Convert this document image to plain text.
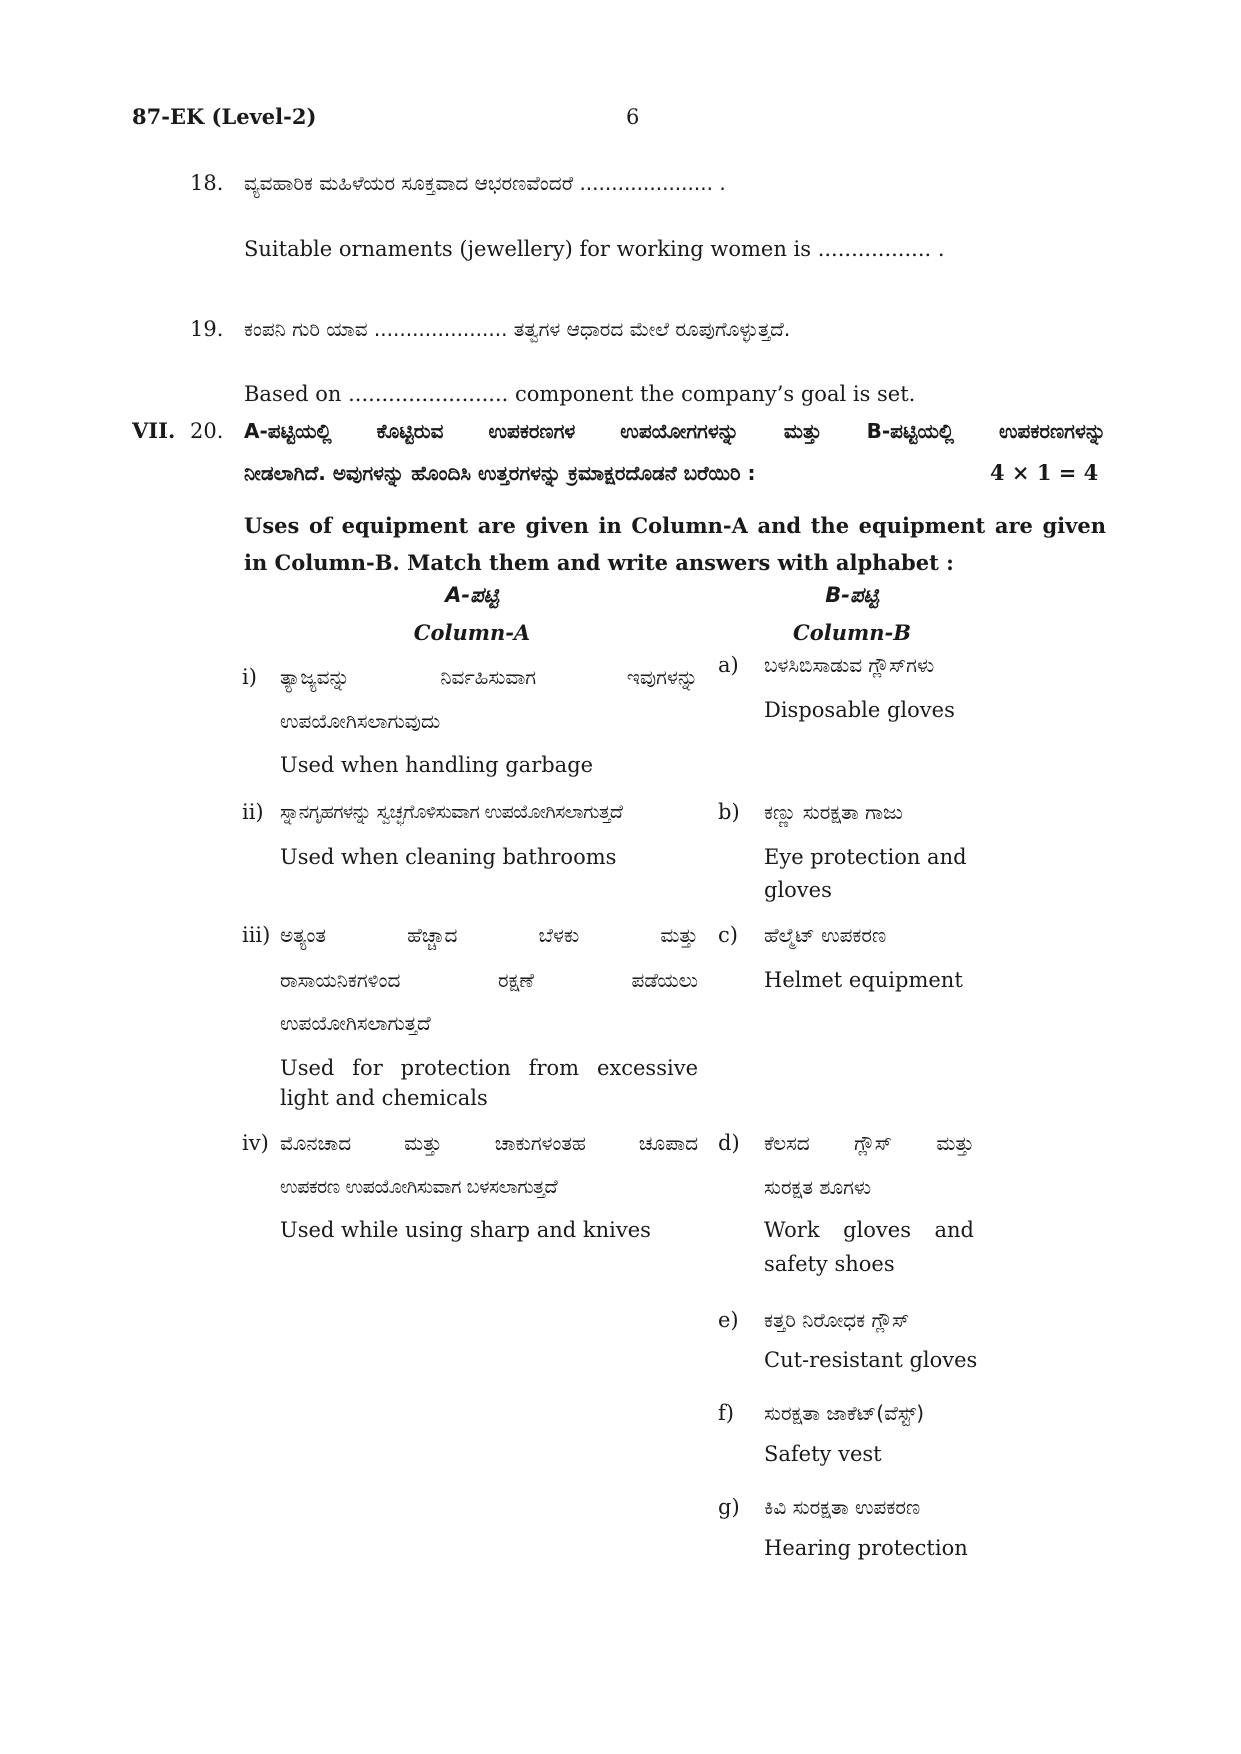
87-EK (Level-2)	6
18. ವ್ಯವಹಾರಿಕ ಮಹಿಳೆಯರ ಸೂಕ್ತವಾದ ಆಭರಣವೆಂದರೆ ..................... .
Suitable ornaments (jewellery) for working women is ................. .
19. ಕಂಪನಿ ಗುರಿ ಯಾವ ..................... ತತ್ವಗಳ ಆಧಾರದ ಮೇಲೆ ರೂಪುಗೊಳ್ಳುತ್ತದೆ.
Based on ........................ component the company’s goal is set.
VII. 20. A-ಪಟ್ಟಿಯಲ್ಲಿ ಕೊಟ್ಟಿರುವ ಉಪಕರಣಗಳ ಉಪಯೋಗಗಳನ್ನು ಮತ್ತು B-ಪಟ್ಟಿಯಲ್ಲಿ ಉಪಕರಣಗಳನ್ನು
ನೀಡಲಾಗಿದೆ. ಅವುಗಳನ್ನು ಹೊಂದಿಸಿ ಉತ್ತರಗಳನ್ನು ಕ್ರಮಾಕ್ಷರದೊಡನೆ ಬರೆಯಿರಿ :	4 × 1 = 4
Uses of equipment are given in Column-A and the equipment are given
in Column-B. Match them and write answers with alphabet :
A-ಪಟ್ಟಿ
Column-A
B-ಪಟ್ಟಿ
Column-B
i) ತ್ಯಾಜ್ಯವನ್ನು ನಿರ್ವಹಿಸುವಾಗ ಇವುಗಳನ್ನು
ಉಪಯೋಗಿಸಲಾಗುವುದು
Used when handling garbage
ii) ಸ್ನಾನಗೃಹಗಳನ್ನು ಸ್ವಚ್ಛಗೊಳಿಸುವಾಗ ಉಪಯೋಗಿಸಲಾಗುತ್ತದೆ
Used when cleaning bathrooms
iii) ಅತ್ಯಂತ ಹೆಚ್ಚಾದ ಬೆಳಕು ಮತ್ತು
ರಾಸಾಯನಿಕಗಳಿಂದ ರಕ್ಷಣೆ ಪಡೆಯಲು
ಉಪಯೋಗಿಸಲಾಗುತ್ತದೆ
Used for protection from excessive
light and chemicals
iv) ಮೊನಚಾದ ಮತ್ತು ಚಾಕುಗಳಂತಹ ಚೂಪಾದ
ಉಪಕರಣ ಉಪಯೋಗಿಸುವಾಗ ಬಳಸಲಾಗುತ್ತದೆ
Used while using sharp and knives
a) ಬಳಸಿಬಿಸಾಡುವ ಗ್ಲೌಸ್‌ಗಳು
Disposable gloves
b) ಕಣ್ಣು ಸುರಕ್ಷತಾ ಗಾಜು
Eye protection and
gloves
c) ಹೆಲ್ಮೆಟ್ ಉಪಕರಣ
Helmet equipment
d) ಕೆಲಸದ ಗ್ಲೌಸ್ ಮತ್ತು
ಸುರಕ್ಷತ ಶೂಗಳು
Work gloves and
safety shoes
e) ಕತ್ತರಿ ನಿರೋಧಕ ಗ್ಲೌಸ್
Cut-resistant gloves
f) ಸುರಕ್ಷತಾ ಜಾಕೆಟ್(ವೆಸ್ಟ್)
Safety vest
g) ಕಿವಿ ಸುರಕ್ಷತಾ ಉಪಕರಣ
Hearing protection
